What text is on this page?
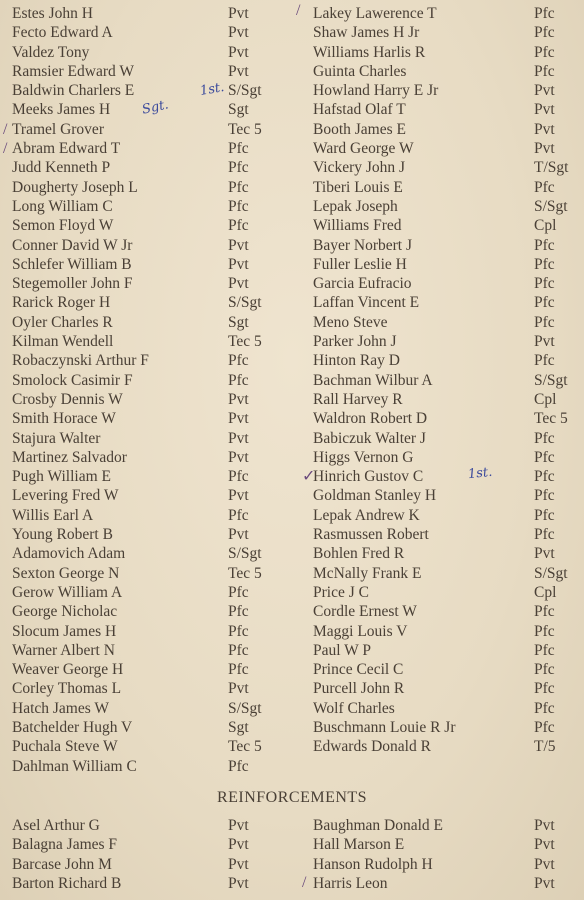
Estes John H	Pvt	Lakey Lawerence T	Pfc
Fecto Edward A	Pvt	Shaw James H Jr	Pfc
Valdez Tony	Pvt	Williams Harlis R	Pfc
Ramsier Edward W	Pvt	Guinta Charles	Pfc
Baldwin Charlers E	S/Sgt	Howland Harry E Jr	Pvt
Meeks James H	Sgt	Hafstad Olaf T	Pvt
Tramel Grover	Tec 5	Booth James E	Pvt
Abram Edward T	Pfc	Ward George W	Pvt
Judd Kenneth P	Pfc	Vickery John J	T/Sgt
Dougherty Joseph L	Pfc	Tiberi Louis E	Pfc
Long William C	Pfc	Lepak Joseph	S/Sgt
Semon Floyd W	Pfc	Williams Fred	Cpl
Conner David W Jr	Pvt	Bayer Norbert J	Pfc
Schlefer William B	Pvt	Fuller Leslie H	Pfc
Stegemoller John F	Pvt	Garcia Eufracio	Pfc
Rarick Roger H	S/Sgt	Laffan Vincent E	Pfc
Oyler Charles R	Sgt	Meno Steve	Pfc
Kilman Wendell	Tec 5	Parker John J	Pvt
Robaczynski Arthur F	Pfc	Hinton Ray D	Pfc
Smolock Casimir F	Pfc	Bachman Wilbur A	S/Sgt
Crosby Dennis W	Pvt	Rall Harvey R	Cpl
Smith Horace W	Pvt	Waldron Robert D	Tec 5
Stajura Walter	Pvt	Babiczuk Walter J	Pfc
Martinez Salvador	Pvt	Higgs Vernon G	Pfc
Pugh William E	Pfc	Hinrich Gustov C	Pfc
Levering Fred W	Pvt	Goldman Stanley H	Pfc
Willis Earl A	Pfc	Lepak Andrew K	Pfc
Young Robert B	Pvt	Rasmussen Robert	Pfc
Adamovich Adam	S/Sgt	Bohlen Fred R	Pvt
Sexton George N	Tec 5	McNally Frank E	S/Sgt
Gerow William A	Pfc	Price J C	Cpl
George Nicholac	Pfc	Cordle Ernest W	Pfc
Slocum James H	Pfc	Maggi Louis V	Pfc
Warner Albert N	Pfc	Paul W P	Pfc
Weaver George H	Pfc	Prince Cecil C	Pfc
Corley Thomas L	Pvt	Purcell John R	Pfc
Hatch James W	S/Sgt	Wolf Charles	Pfc
Batchelder Hugh V	Sgt	Buschmann Louie R Jr	Pfc
Puchala Steve W	Tec 5	Edwards Donald R	T/5
Dahlman William C	Pfc
REINFORCEMENTS
Asel Arthur G	Pvt	Baughman Donald E	Pvt
Balagna James F	Pvt	Hall Marson E	Pvt
Barcase John M	Pvt	Hanson Rudolph H	Pvt
Barton Richard B	Pvt	Harris Leon	Pvt
1st.
Sgt.
1st.
/
/
/
✓
/
